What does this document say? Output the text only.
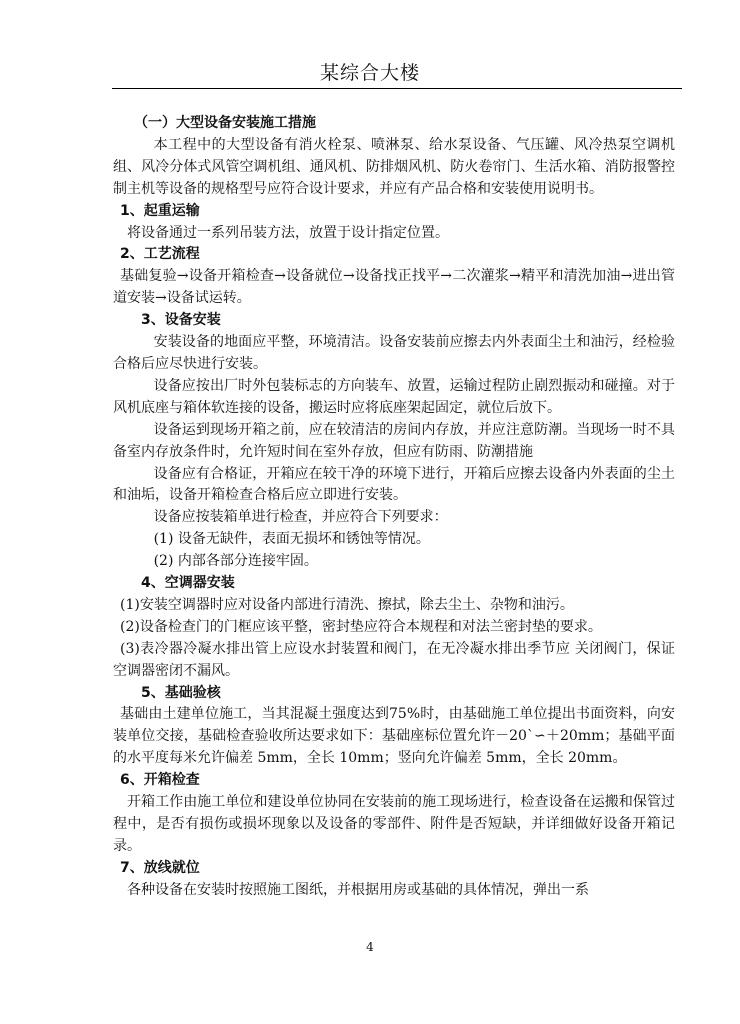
某综合大楼

（一）大型设备安装施工措施

本工程中的大型设备有消火栓泵、喷淋泵、给水泵设备、气压罐、风冷热泵空调机组、风冷分体式风管空调机组、通风机、防排烟风机、防火卷帘门、生活水箱、消防报警控制主机等设备的规格型号应符合设计要求，并应有产品合格和安装使用说明书。

1、起重运输

将设备通过一系列吊装方法，放置于设计指定位置。

2、工艺流程

基础复验→设备开箱检查→设备就位→设备找正找平→二次灌浆→精平和清洗加油→进出管道安装→设备试运转。

3、设备安装

安装设备的地面应平整，环境清洁。设备安装前应擦去内外表面尘土和油污，经检验合格后应尽快进行安装。

设备应按出厂时外包装标志的方向装车、放置，运输过程防止剧烈振动和碰撞。对于风机底座与箱体软连接的设备，搬运时应将底座架起固定，就位后放下。

设备运到现场开箱之前，应在较清洁的房间内存放，并应注意防潮。当现场一时不具备室内存放条件时，允许短时间在室外存放，但应有防雨、防潮措施

设备应有合格证，开箱应在较干净的环境下进行，开箱后应擦去设备内外表面的尘土和油垢，设备开箱检查合格后应立即进行安装。

设备应按装箱单进行检查，并应符合下列要求：

(1) 设备无缺件，表面无损坏和锈蚀等情况。

(2) 内部各部分连接牢固。

4、空调器安装

(1)安装空调器时应对设备内部进行清洗、擦拭，除去尘土、杂物和油污。

(2)设备检查门的门框应该平整，密封垫应符合本规程和对法兰密封垫的要求。

(3)表冷器冷凝水排出管上应设水封装置和阀门，在无冷凝水排出季节应 关闭阀门，保证空调器密闭不漏风。

5、基础验核

基础由土建单位施工，当其混凝土强度达到75%时，由基础施工单位提出书面资料，向安装单位交接，基础检查验收所达要求如下：基础座标位置允许－20`∽＋20mm；基础平面的水平度每米允许偏差 5mm，全长 10mm；竖向允许偏差 5mm，全长 20mm。

6、开箱检查

开箱工作由施工单位和建设单位协同在安装前的施工现场进行，检查设备在运搬和保管过程中，是否有损伤或损坏现象以及设备的零部件、附件是否短缺，并详细做好设备开箱记录。

7、放线就位

各种设备在安装时按照施工图纸，并根据用房或基础的具体情况，弹出一系

4
